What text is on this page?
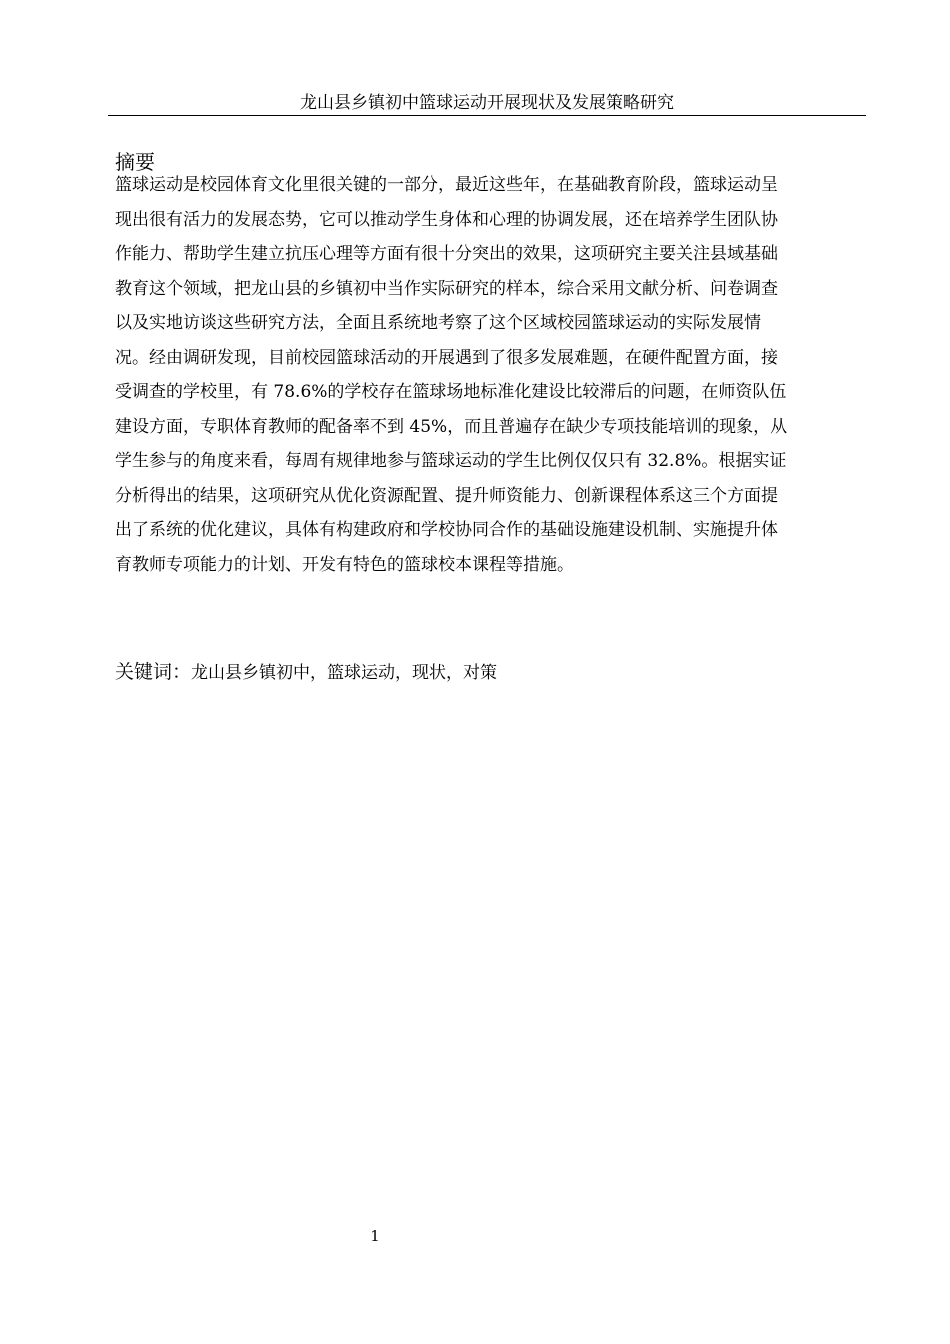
龙山县乡镇初中篮球运动开展现状及发展策略研究
摘要
篮球运动是校园体育文化里很关键的一部分，最近这些年，在基础教育阶段，篮球运动呈
现出很有活力的发展态势，它可以推动学生身体和心理的协调发展，还在培养学生团队协
作能力、帮助学生建立抗压心理等方面有很十分突出的效果，这项研究主要关注县域基础
教育这个领域，把龙山县的乡镇初中当作实际研究的样本，综合采用文献分析、问卷调查
以及实地访谈这些研究方法，全面且系统地考察了这个区域校园篮球运动的实际发展情
况。经由调研发现，目前校园篮球活动的开展遇到了很多发展难题，在硬件配置方面，接
受调查的学校里，有 78.6%的学校存在篮球场地标准化建设比较滞后的问题，在师资队伍
建设方面，专职体育教师的配备率不到 45%，而且普遍存在缺少专项技能培训的现象，从
学生参与的角度来看，每周有规律地参与篮球运动的学生比例仅仅只有 32.8%。根据实证
分析得出的结果，这项研究从优化资源配置、提升师资能力、创新课程体系这三个方面提
出了系统的优化建议，具体有构建政府和学校协同合作的基础设施建设机制、实施提升体
育教师专项能力的计划、开发有特色的篮球校本课程等措施。
关键词：龙山县乡镇初中，篮球运动，现状，对策
1
